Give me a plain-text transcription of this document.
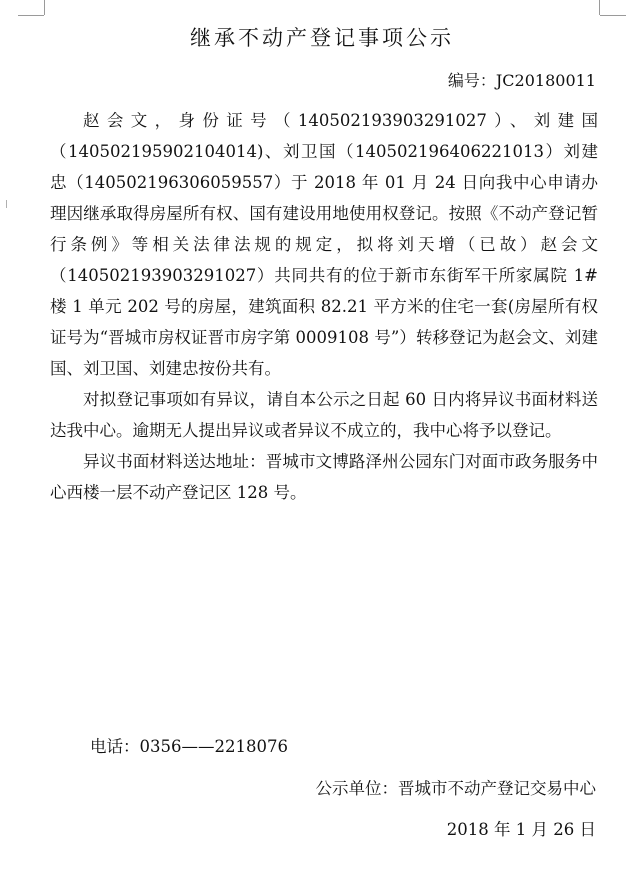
继承不动产登记事项公示
编号：JC20180011

赵会文，身份证号（140502193903291027）、刘建国（140502195902104014)、刘卫国（140502196406221013）刘建忠（140502196306059557）于 2018 年 01 月 24 日向我中心申请办理因继承取得房屋所有权、国有建设用地使用权登记。按照《不动产登记暂行条例》等相关法律法规的规定，拟将刘天增（已故）赵会文（140502193903291027）共同共有的位于新市东街军干所家属院 1#楼 1 单元 202 号的房屋，建筑面积 82.21 平方米的住宅一套(房屋所有权证号为“晋城市房权证晋市房字第 0009108 号”）转移登记为赵会文、刘建国、刘卫国、刘建忠按份共有。

对拟登记事项如有异议，请自本公示之日起 60 日内将异议书面材料送达我中心。逾期无人提出异议或者异议不成立的，我中心将予以登记。

异议书面材料送达地址：晋城市文博路泽州公园东门对面市政务服务中心西楼一层不动产登记区 128 号。

电话：0356——2218076
公示单位：晋城市不动产登记交易中心
2018 年 1 月 26 日
